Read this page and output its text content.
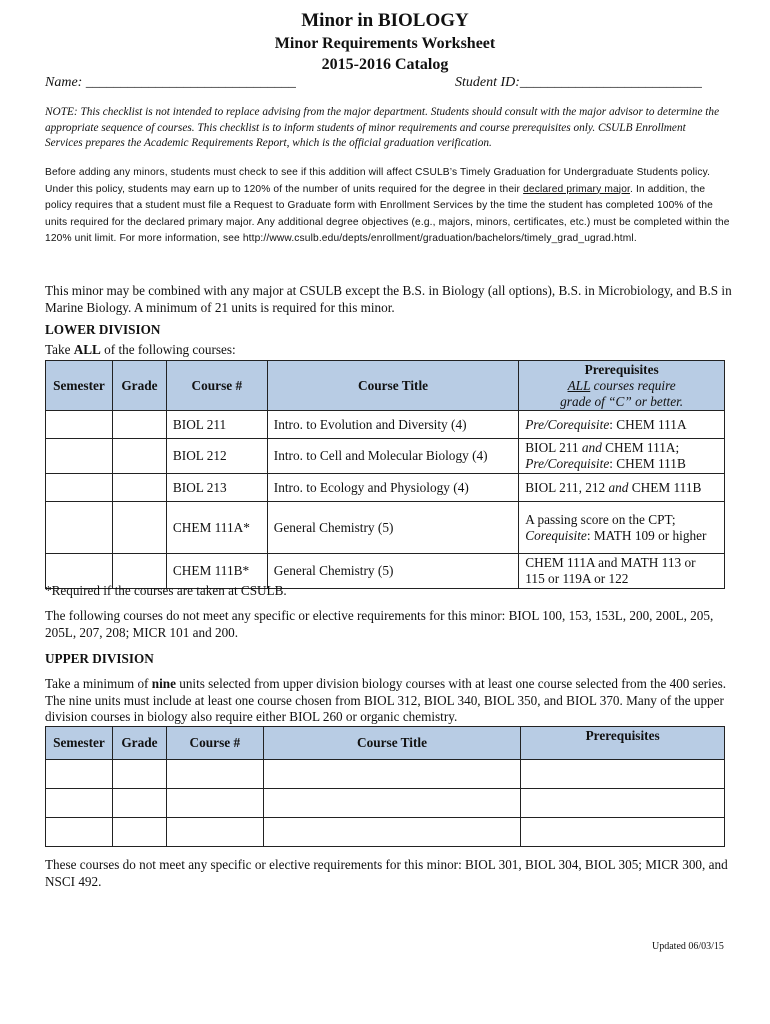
Minor in BIOLOGY
Minor Requirements Worksheet
2015-2016 Catalog
Name: ______________________________	Student ID:__________________________
NOTE: This checklist is not intended to replace advising from the major department. Students should consult with the major advisor to determine the appropriate sequence of courses. This checklist is to inform students of minor requirements and course prerequisites only. CSULB Enrollment Services prepares the Academic Requirements Report, which is the official graduation verification.
Before adding any minors, students must check to see if this addition will affect CSULB’s Timely Graduation for Undergraduate Students policy. Under this policy, students may earn up to 120% of the number of units required for the degree in their declared primary major. In addition, the policy requires that a student must file a Request to Graduate form with Enrollment Services by the time the student has completed 100% of the units required for the declared primary major. Any additional degree objectives (e.g., majors, minors, certificates, etc.) must be completed within the 120% unit limit. For more information, see http://www.csulb.edu/depts/enrollment/graduation/bachelors/timely_grad_ugrad.html.
This minor may be combined with any major at CSULB except the B.S. in Biology (all options), B.S. in Microbiology, and B.S in Marine Biology. A minimum of 21 units is required for this minor.
LOWER DIVISION
Take ALL of the following courses:
Semester	Grade	Course #	Course Title	Prerequisites
ALL courses require
grade of “C” or better.
		BIOL 211	Intro. to Evolution and Diversity (4)	Pre/Corequisite: CHEM 111A
		BIOL 212	Intro. to Cell and Molecular Biology (4)	BIOL 211 and CHEM 111A;
Pre/Corequisite: CHEM 111B
		BIOL 213	Intro. to Ecology and Physiology (4)	BIOL 211, 212 and CHEM 111B
		CHEM 111A*	General Chemistry (5)	A passing score on the CPT;
Corequisite: MATH 109 or higher
		CHEM 111B*	General Chemistry (5)	CHEM 111A and MATH 113 or 115 or 119A or 122
*Required if the courses are taken at CSULB.
The following courses do not meet any specific or elective requirements for this minor: BIOL 100, 153, 153L, 200, 200L, 205, 205L, 207, 208; MICR 101 and 200.
UPPER DIVISION
Take a minimum of nine units selected from upper division biology courses with at least one course selected from the 400 series. The nine units must include at least one course chosen from BIOL 312, BIOL 340, BIOL 350, and BIOL 370. Many of the upper division courses in biology also require either BIOL 260 or organic chemistry.
Semester	Grade	Course #	Course Title	Prerequisites

These courses do not meet any specific or elective requirements for this minor: BIOL 301, BIOL 304, BIOL 305; MICR 300, and NSCI 492.
Updated 06/03/15
